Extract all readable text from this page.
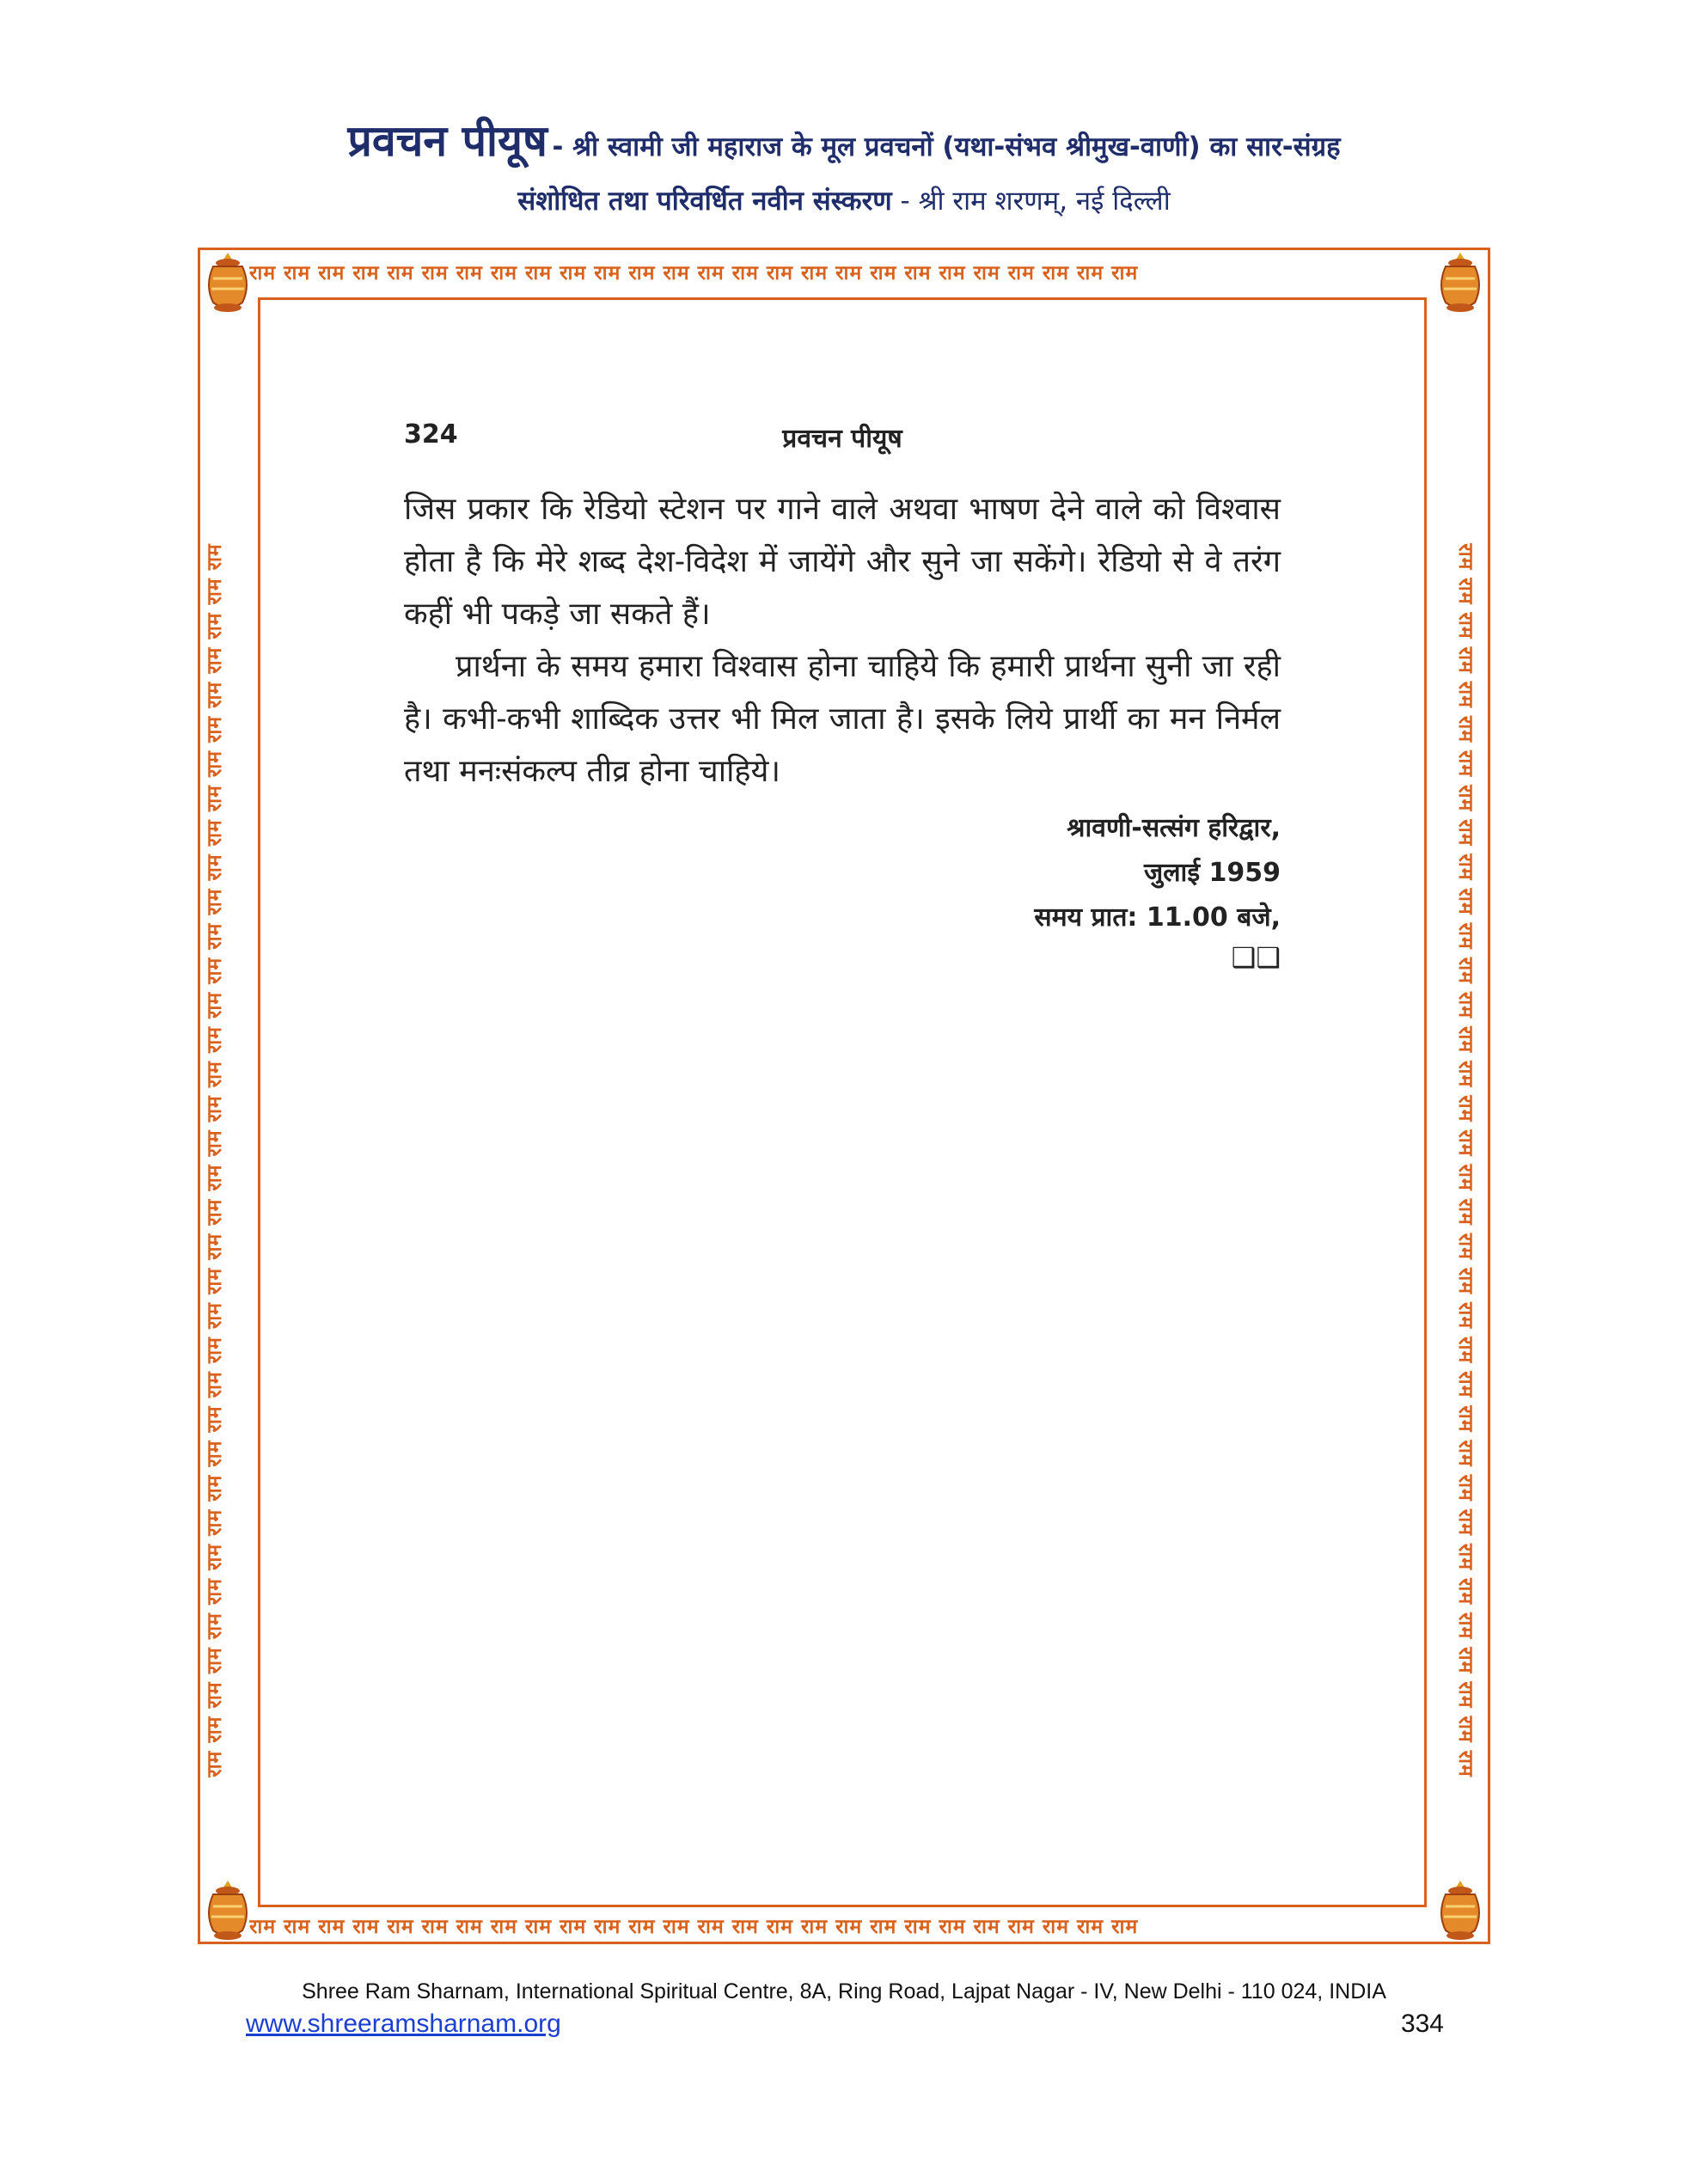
प्रवचन पीयूष - श्री स्वामी जी महाराज के मूल प्रवचनों (यथा-संभव श्रीमुख-वाणी) का सार-संग्रह
संशोधित तथा परिवर्धित नवीन संस्करण - श्री राम शरणम्, नई दिल्ली
राम राम राम राम राम राम राम राम राम राम राम राम राम राम राम राम राम राम राम राम राम राम राम राम राम राम
राम राम राम राम राम राम राम राम राम राम राम राम राम राम राम राम राम राम राम राम राम राम राम राम राम राम
राम राम राम राम राम राम राम राम राम राम राम राम राम राम राम राम राम राम राम राम राम राम राम राम राम राम राम राम राम राम राम राम राम राम राम राम	राम राम राम राम राम राम राम राम राम राम राम राम राम राम राम राम राम राम राम राम राम राम राम राम राम राम राम राम राम राम राम राम राम राम राम राम
324	प्रवचन पीयूष

जिस प्रकार कि रेडियो स्टेशन पर गाने वाले अथवा भाषण देने वाले को विश्वास होता है कि मेरे शब्द देश-विदेश में जायेंगे और सुने जा सकेंगे। रेडियो से वे तरंग कहीं भी पकड़े जा सकते हैं।

प्रार्थना के समय हमारा विश्वास होना चाहिये कि हमारी प्रार्थना सुनी जा रही है। कभी-कभी शाब्दिक उत्तर भी मिल जाता है। इसके लिये प्रार्थी का मन निर्मल तथा मनःसंकल्प तीव्र होना चाहिये।

श्रावणी-सत्संग हरिद्वार,
जुलाई 1959
समय प्रात: 11.00 बजे,
❑❑
Shree Ram Sharnam, International Spiritual Centre, 8A, Ring Road, Lajpat Nagar - IV, New Delhi - 110 024, INDIA
www.shreeramsharnam.org	334
